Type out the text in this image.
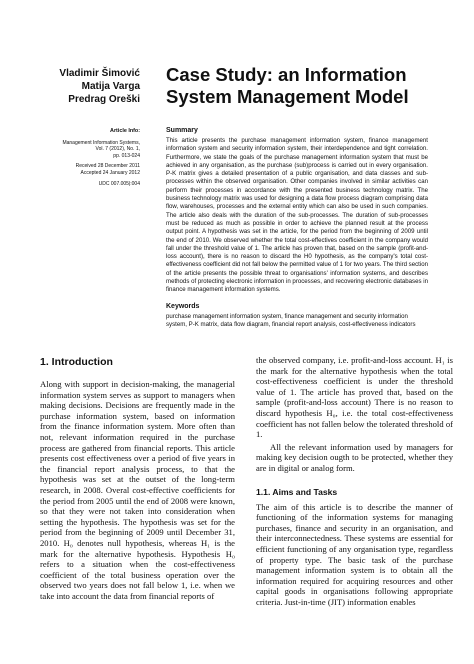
Vladimir Šimović
Matija Varga
Predrag Oreški
Case Study: an Information
System Management Model
Article Info:
Management Information Systems,
Vol. 7 (2012), No. 1,
pp. 013-024
Received 28 December 2011
Accepted 24 January 2012
UDC 007.005|:004
Summary
This article presents the purchase management information system, finance management information system and security information system, their interdependence and tight correlation. Furthermore, we state the goals of the purchase management information system that must be achieved in any organisation, as the purchase (sub)process is carried out in every organisation. P-K matrix gives a detailed presentation of a public organisation, and data classes and sub-processes within the observed organisation. Other companies involved in similar activities can perform their processes in accordance with the presented business technology matrix. The business technology matrix was used for designing a data flow process diagram comprising data flow, warehouses, processes and the external entity which can also be used in such companies. The article also deals with the duration of the sub-processes. The duration of sub-processes must be reduced as much as possible in order to achieve the planned result at the process output point. A hypothesis was set in the article, for the period from the beginning of 2009 until the end of 2010. We observed whether the total cost-effectives coefficient in the company would fall under the threshold value of 1. The article has proven that, based on the sample (profit-and-loss account), there is no reason to discard the H0 hypothesis, as the company's total cost-effectiveness coefficient did not fall below the permitted value of 1 for two years. The third section of the article presents the possible threat to organisations' information systems, and describes methods of protecting electronic information in processes, and recovering electronic databases in finance management information systems.
Keywords
purchase management information system, finance management and security information system, P-K matrix, data flow diagram, financial report analysis, cost-effectiveness indicators
1. Introduction

Along with support in decision-making, the managerial information system serves as support to managers when making decisions. Decisions are frequently made in the purchase information system, based on information from the finance information system. More often than not, relevant information required in the purchase process are gathered from financial reports. This article presents cost effectiveness over a period of five years in the financial report analysis process, to that the hypothesis was set at the outset of the long-term research, in 2008. Overal cost-effective coefficients for the period from 2005 until the end of 2008 were known, so that they were not taken into consideration when setting the hypothesis. The hypothesis was set for the period from the beginning of 2009 until December 31, 2010. H₀ denotes null hypothesis, whereas H₁ is the mark for the alternative hypothesis. Hypothesis H₀ refers to a situation when the cost-effectiveness coefficient of the total business operation over the observed two years does not fall below 1, i.e. when we take into account the data from financial reports of

the observed company, i.e. profit-and-loss account. H₁ is the mark for the alternative hypothesis when the total cost-effectiveness coefficient is under the threshold value of 1. The article has proved that, based on the sample (profit-and-loss account) There is no reason to discard hypothesis H₀, i.e. the total cost-effectiveness coefficient has not fallen below the tolerated threshold of 1.

All the relevant information used by managers for making key decision ougth to be protected, whether they are in digital or analog form.

1.1. Aims and Tasks

The aim of this article is to describe the manner of functioning of the information systems for managing purchases, finance and security in an organisation, and their interconnectedness. These systems are essential for efficient functioning of any organisation type, regardless of property type. The basic task of the purchase management information system is to obtain all the information required for acquiring resources and other capital goods in organisations following appropriate criteria. Just-in-time (JIT) information enables
